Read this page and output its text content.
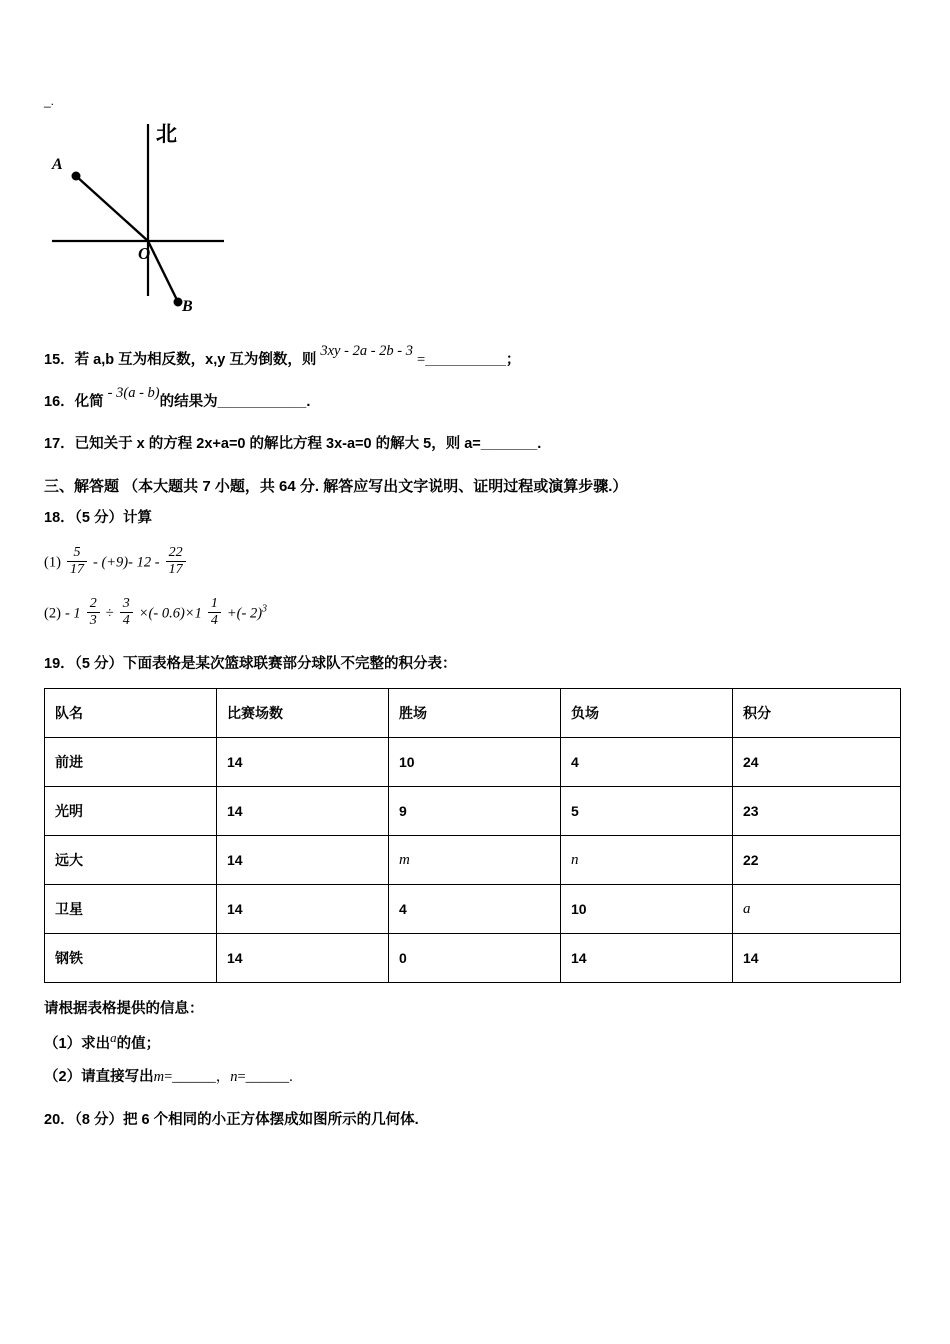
_.
北
O
A
B
15．若 a,b 互为相反数，x,y 互为倒数，则 3xy - 2a - 2b - 3 =__________；
16．化简 - 3(a - b)的结果为___________.
17．已知关于 x 的方程 2x+a=0 的解比方程 3x-a=0 的解大 5，则 a=_______.
三、解答题 （本大题共 7 小题，共 64 分. 解答应写出文字说明、证明过程或演算步骤.）
18．（5 分）计算
$(1) \frac{5}{17} - (+9)-$ $12 - \frac{22}{17}$
$(2) - 1 \frac{2}{3} \div \frac{3}{4}$ ×(- $0.6)\times 1 \frac{1}{4}$ +(- 2)$^3$
19．（5 分）下面表格是某次篮球联赛部分球队不完整的积分表：
队名	比赛场数	胜场	负场	积分
前进	14	10	4	24
光明	14	9	5	23
远大	14	m	n	22
卫星	14	4	10	a
钢铁	14	0	14	14
请根据表格提供的信息：
（1）求出a的值；
（2）请直接写出m=______，n=______.
20．（8 分）把 6 个相同的小正方体摆成如图所示的几何体.
